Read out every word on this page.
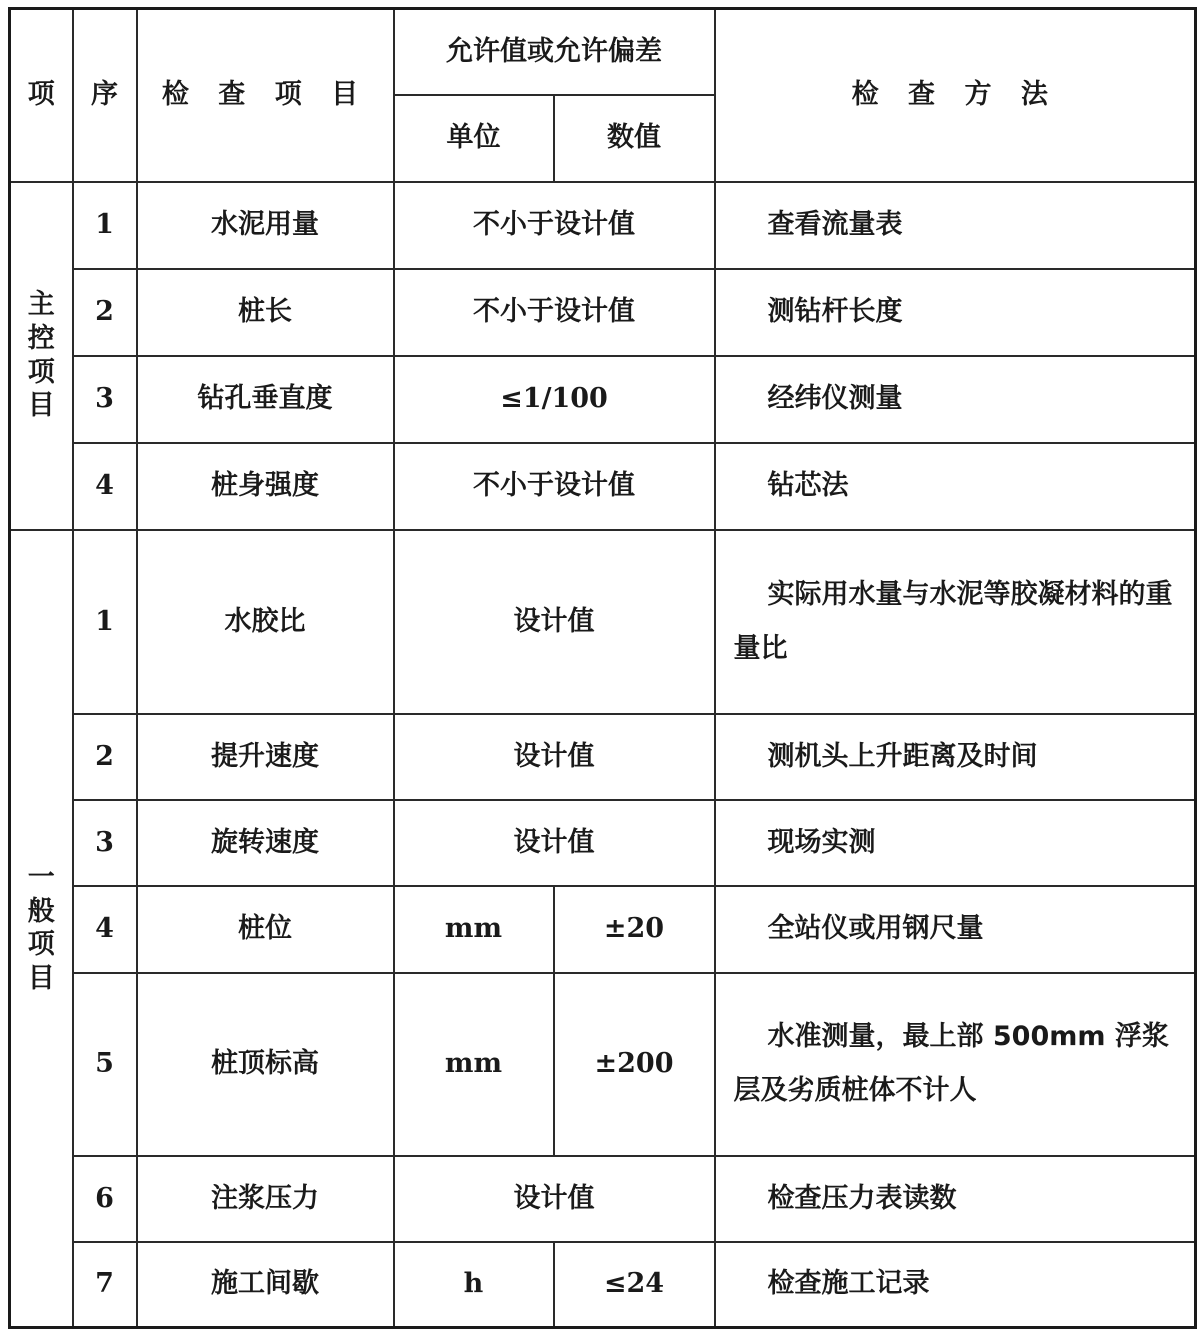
项	序	检 查 项 目	允许值或允许偏差		检 查 方 法
			单位	数值	

主
控
项
目	1	水泥用量	不小于设计值		查看流量表
	2	桩长	不小于设计值		测钻杆长度
	3	钻孔垂直度	≤1/100		经纬仪测量
	4	桩身强度	不小于设计值		钻芯法

一
般
项
目	1	水胶比	设计值		实际用水量与水泥等胶凝材料的重量比
	2	提升速度	设计值		测机头上升距离及时间
	3	旋转速度	设计值		现场实测
	4	桩位	mm	±20	全站仪或用钢尺量
	5	桩顶标高	mm	±200	水准测量，最上部 500mm 浮浆层及劣质桩体不计人
	6	注浆压力	设计值		检查压力表读数
	7	施工间歇	h	≤24	检查施工记录
